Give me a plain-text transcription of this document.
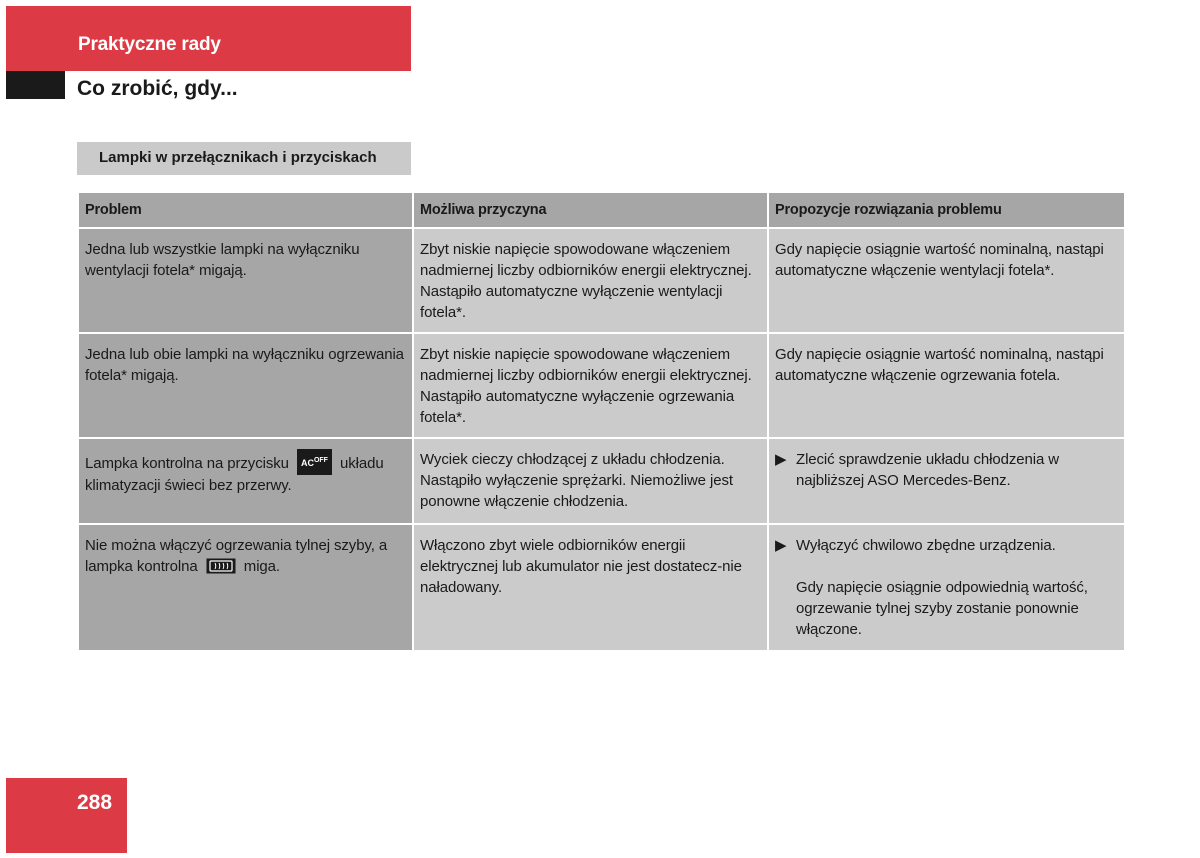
Praktyczne rady
Co zrobić, gdy...
Lampki w przełącznikach i przyciskach
Problem	Możliwa przyczyna	Propozycje rozwiązania problemu
Jedna lub wszystkie lampki na wyłączniku wentylacji fotela* migają.	Zbyt niskie napięcie spowodowane włączeniem nadmiernej liczby odbiorników energii elektrycznej. Nastąpiło automatyczne wyłączenie wentylacji fotela*.	Gdy napięcie osiągnie wartość nominalną, nastąpi automatyczne włączenie wentylacji fotela*.
Jedna lub obie lampki na wyłączniku ogrzewania fotela* migają.	Zbyt niskie napięcie spowodowane włączeniem nadmiernej liczby odbiorników energii elektrycznej. Nastąpiło automatyczne wyłączenie ogrzewania fotela*.	Gdy napięcie osiągnie wartość nominalną, nastąpi automatyczne włączenie ogrzewania fotela.
Lampka kontrolna na przycisku $AC^{OFF}$ układu klimatyzacji świeci bez przerwy.	Wyciek cieczy chłodzącej z układu chłodzenia. Nastąpiło wyłączenie sprężarki. Niemożliwe jest ponowne włączenie chłodzenia.	▶ Zlecić sprawdzenie układu chłodzenia w najbliższej ASO Mercedes-Benz.

Nie można włączyć ogrzewania tylnej szyby, a lampka kontrolna miga.	Włączono zbyt wiele odbiorników energii elektrycznej lub akumulator nie jest dostatecz-nie naładowany.	▶ Wyłączyć chwilowo zbędne urządzenia.
Gdy napięcie osiągnie odpowiednią wartość, ogrzewanie tylnej szyby zostanie ponownie włączone.
288
